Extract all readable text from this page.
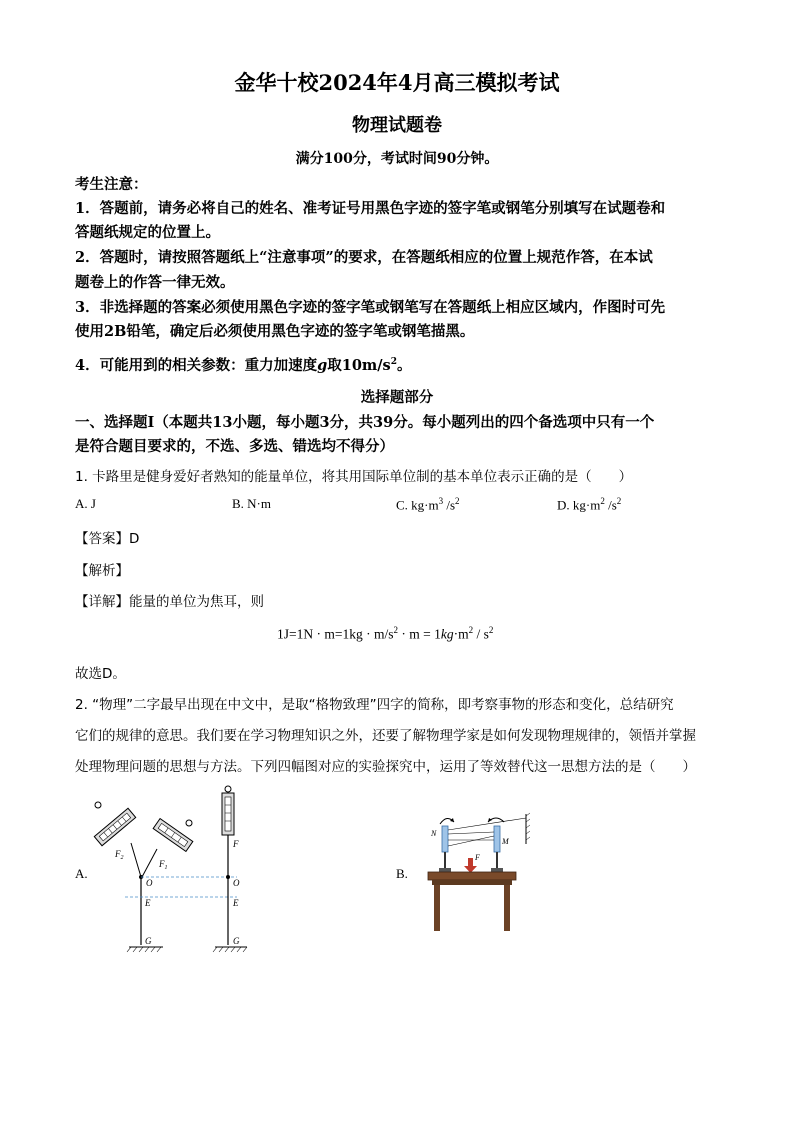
金华十校2024年4月高三模拟考试
物理试题卷
满分100分，考试时间90分钟。
考生注意：
1．答题前，请务必将自己的姓名、准考证号用黑色字迹的签字笔或钢笔分别填写在试题卷和
答题纸规定的位置上。
2．答题时，请按照答题纸上“注意事项”的要求，在答题纸相应的位置上规范作答，在本试
题卷上的作答一律无效。
3．非选择题的答案必须使用黑色字迹的签字笔或钢笔写在答题纸上相应区域内，作图时可先
使用2B铅笔，确定后必须使用黑色字迹的签字笔或钢笔描黑。
4．可能用到的相关参数：重力加速度g取$10m/s^2$。
选择题部分
一、选择题Ⅰ（本题共13小题，每小题3分，共39分。每小题列出的四个备选项中只有一个
是符合题目要求的，不选、多选、错选均不得分）
1. 卡路里是健身爱好者熟知的能量单位，将其用国际单位制的基本单位表示正确的是（　　）
A. J	B. N·m	C. $kg\cdot m^3$ $/s^2$	D. $kg\cdot m^2$ $/s^2$
【答案】D
【解析】
【详解】能量的单位为焦耳，则
$1J=1N \cdot m=1kg \cdot m/s^2 \cdot m = 1kg\cdot m^2 / s^2$
故选D。
2. “物理”二字最早出现在中文中，是取“格物致理”四字的简称，即考察事物的形态和变化，总结研究
它们的规律的意思。我们要在学习物理知识之外，还要了解物理学家是如何发现物理规律的，领悟并掌握
处理物理问题的思想与方法。下列四幅图对应的实验探究中，运用了等效替代这一思想方法的是（　　）
A.	B.
$F_2$
$F_1$
O
E
G
F
O
E
G
N
M
F
